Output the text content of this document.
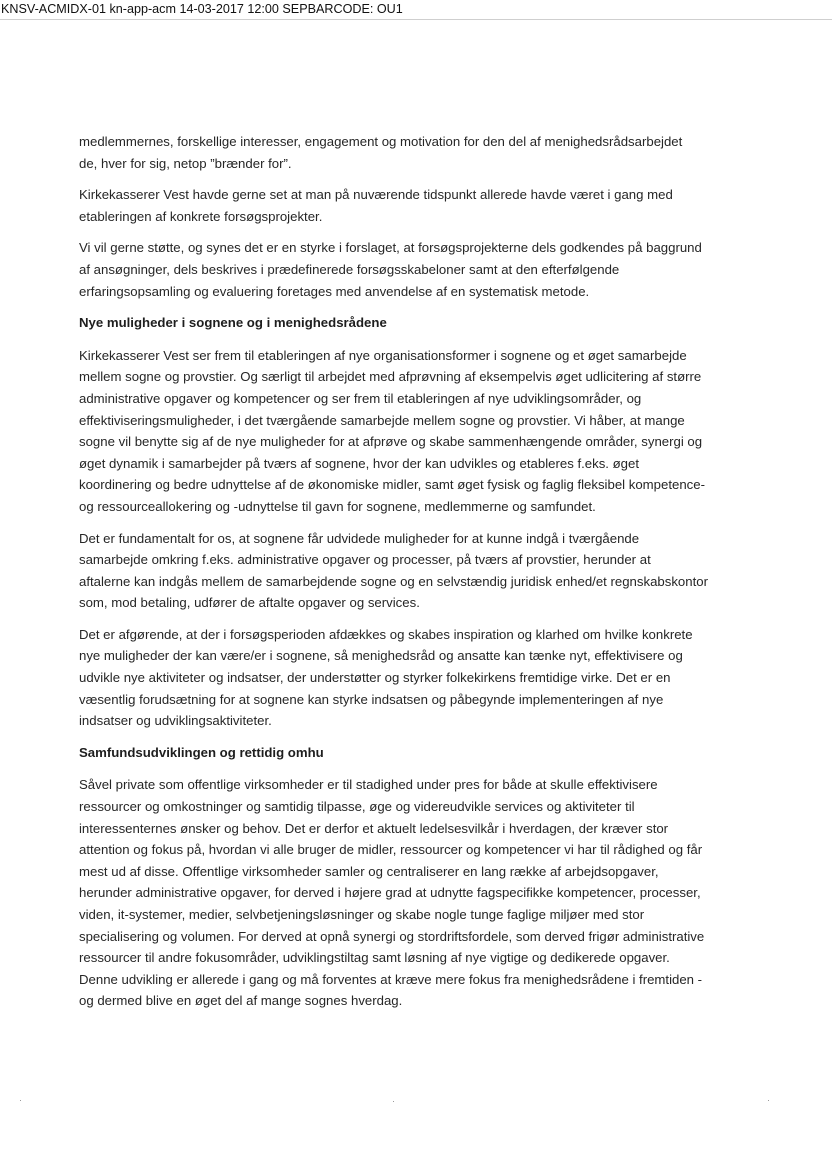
KNSV-ACMIDX-01 kn-app-acm 14-03-2017 12:00 SEPBARCODE: OU1

medlemmernes, forskellige interesser, engagement og motivation for den del af menighedsrådsarbejdet
de, hver for sig, netop ”brænder for”.

Kirkekasserer Vest havde gerne set at man på nuværende tidspunkt allerede havde været i gang med
etableringen af konkrete forsøgsprojekter.

Vi vil gerne støtte, og synes det er en styrke i forslaget, at forsøgsprojekterne dels godkendes på baggrund
af ansøgninger, dels beskrives i prædefinerede forsøgsskabeloner samt at den efterfølgende
erfaringsopsamling og evaluering foretages med anvendelse af en systematisk metode.

Nye muligheder i sognene og i menighedsrådene

Kirkekasserer Vest ser frem til etableringen af nye organisationsformer i sognene og et øget samarbejde
mellem sogne og provstier. Og særligt til arbejdet med afprøvning af eksempelvis øget udlicitering af større
administrative opgaver og kompetencer og ser frem til etableringen af nye udviklingsområder, og
effektiviseringsmuligheder, i det tværgående samarbejde mellem sogne og provstier. Vi håber, at mange
sogne vil benytte sig af de nye muligheder for at afprøve og skabe sammenhængende områder, synergi og
øget dynamik i samarbejder på tværs af sognene, hvor der kan udvikles og etableres f.eks. øget
koordinering og bedre udnyttelse af de økonomiske midler, samt øget fysisk og faglig fleksibel kompetence-
og ressourceallokering og -udnyttelse til gavn for sognene, medlemmerne og samfundet.

Det er fundamentalt for os, at sognene får udvidede muligheder for at kunne indgå i tværgående
samarbejde omkring f.eks. administrative opgaver og processer, på tværs af provstier, herunder at
aftalerne kan indgås mellem de samarbejdende sogne og en selvstændig juridisk enhed/et regnskabskontor
som, mod betaling, udfører de aftalte opgaver og services.

Det er afgørende, at der i forsøgsperioden afdækkes og skabes inspiration og klarhed om hvilke konkrete
nye muligheder der kan være/er i sognene, så menighedsråd og ansatte kan tænke nyt, effektivisere og
udvikle nye aktiviteter og indsatser, der understøtter og styrker folkekirkens fremtidige virke. Det er en
væsentlig forudsætning for at sognene kan styrke indsatsen og påbegynde implementeringen af nye
indsatser og udviklingsaktiviteter.

Samfundsudviklingen og rettidig omhu

Såvel private som offentlige virksomheder er til stadighed under pres for både at skulle effektivisere
ressourcer og omkostninger og samtidig tilpasse, øge og videreudvikle services og aktiviteter til
interessenternes ønsker og behov. Det er derfor et aktuelt ledelsesvilkår i hverdagen, der kræver stor
attention og fokus på, hvordan vi alle bruger de midler, ressourcer og kompetencer vi har til rådighed og får
mest ud af disse. Offentlige virksomheder samler og centraliserer en lang række af arbejdsopgaver,
herunder administrative opgaver, for derved i højere grad at udnytte fagspecifikke kompetencer, processer,
viden, it-systemer, medier, selvbetjeningsløsninger og skabe nogle tunge faglige miljøer med stor
specialisering og volumen. For derved at opnå synergi og stordriftsfordele, som derved frigør administrative
ressourcer til andre fokusområder, udviklingstiltag samt løsning af nye vigtige og dedikerede opgaver.
Denne udvikling er allerede i gang og må forventes at kræve mere fokus fra menighedsrådene i fremtiden -
og dermed blive en øget del af mange sognes hverdag.
